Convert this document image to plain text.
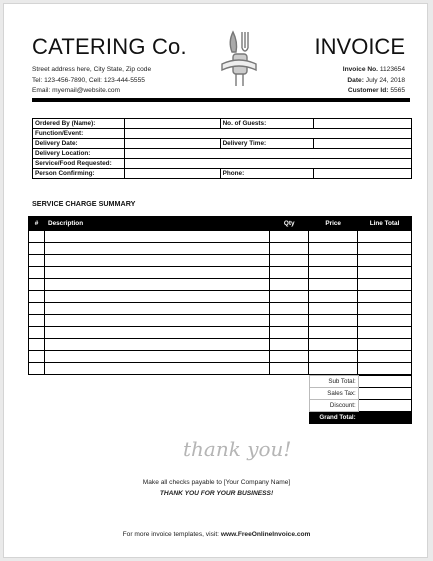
CATERING Co.
Street address here, City State, Zip code
Tel: 123-456-7890, Cell: 123-444-5555
Email: myemail@website.com
INVOICE
Invoice No. 1123654
Date: July 24, 2018
Customer Id: 5565
Ordered By (Name):		No. of Guests:	
Function/Event:			
Delivery Date:		Delivery Time:	
Delivery Location:			
Service/Food Requested:			
Person Confirming:		Phone:	
SERVICE CHARGE SUMMARY
#	Description	Qty	Price	Line Total

Sub Total:	
Sales Tax:	
Discount:	
Grand Total:	
thank you!
Make all checks payable to [Your Company Name]
THANK YOU FOR YOUR BUSINESS!
For more invoice templates, visit: www.FreeOnlineInvoice.com
